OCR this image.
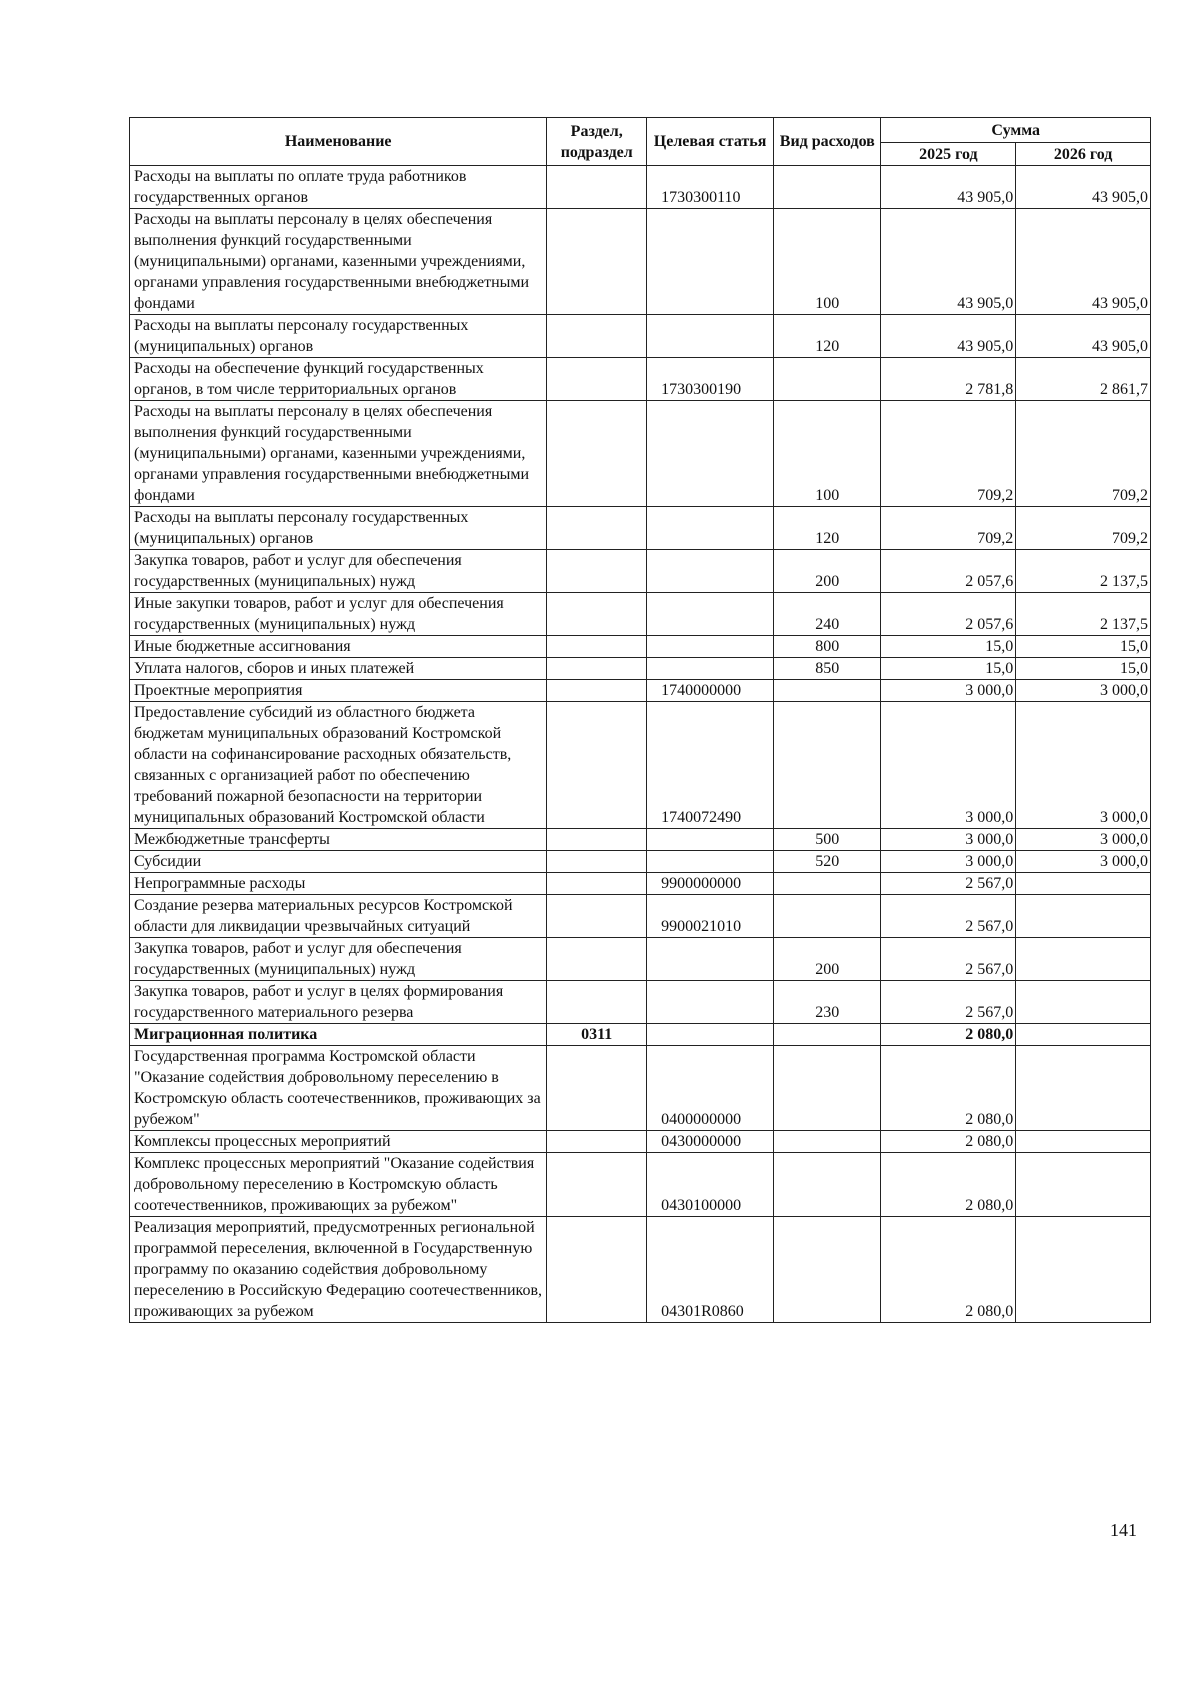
Наименование	Раздел, подраздел	Целевая статья	Вид расходов	Сумма	
				2025 год	2026 год
Расходы на выплаты по оплате труда работников государственных органов		1730300110		43 905,0	43 905,0
Расходы на выплаты персоналу в целях обеспечения выполнения функций государственными (муниципальными) органами, казенными учреждениями, органами управления государственными внебюджетными фондами			100	43 905,0	43 905,0
Расходы на выплаты персоналу государственных (муниципальных) органов			120	43 905,0	43 905,0
Расходы на обеспечение функций государственных органов, в том числе территориальных органов		1730300190		2 781,8	2 861,7
Расходы на выплаты персоналу в целях обеспечения выполнения функций государственными (муниципальными) органами, казенными учреждениями, органами управления государственными внебюджетными фондами			100	709,2	709,2
Расходы на выплаты персоналу государственных (муниципальных) органов			120	709,2	709,2
Закупка товаров, работ и услуг для обеспечения государственных (муниципальных) нужд			200	2 057,6	2 137,5
Иные закупки товаров, работ и услуг для обеспечения государственных (муниципальных) нужд			240	2 057,6	2 137,5
Иные бюджетные ассигнования			800	15,0	15,0
Уплата налогов, сборов и иных платежей			850	15,0	15,0
Проектные мероприятия		1740000000		3 000,0	3 000,0
Предоставление субсидий из областного бюджета бюджетам муниципальных образований Костромской области на софинансирование расходных обязательств, связанных с организацией работ по обеспечению требований пожарной безопасности на территории муниципальных образований Костромской области		1740072490		3 000,0	3 000,0
Межбюджетные трансферты			500	3 000,0	3 000,0
Субсидии			520	3 000,0	3 000,0
Непрограммные расходы		9900000000		2 567,0	
Создание резерва материальных ресурсов Костромской области для ликвидации чрезвычайных ситуаций		9900021010		2 567,0	
Закупка товаров, работ и услуг для обеспечения государственных (муниципальных) нужд			200	2 567,0	
Закупка товаров, работ и услуг в целях формирования государственного материального резерва			230	2 567,0	
Миграционная политика	0311			2 080,0	
Государственная программа Костромской области "Оказание содействия добровольному переселению в Костромскую область соотечественников, проживающих за рубежом"		0400000000		2 080,0	
Комплексы процессных мероприятий		0430000000		2 080,0	
Комплекс процессных мероприятий "Оказание содействия добровольному переселению в Костромскую область соотечественников, проживающих за рубежом"		0430100000		2 080,0	
Реализация мероприятий, предусмотренных региональной программой переселения, включенной в Государственную программу по оказанию содействия добровольному переселению в Российскую Федерацию соотечественников, проживающих за рубежом		04301R0860		2 080,0	
141
